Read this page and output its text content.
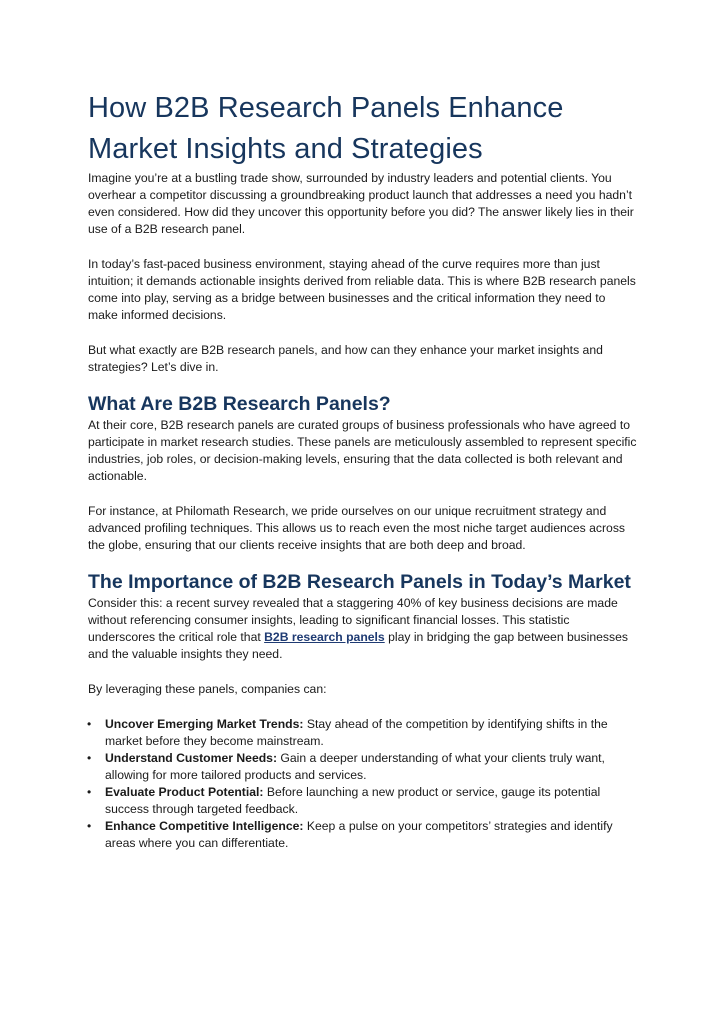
How B2B Research Panels Enhance Market Insights and Strategies

Imagine you’re at a bustling trade show, surrounded by industry leaders and potential clients. You overhear a competitor discussing a groundbreaking product launch that addresses a need you hadn’t even considered. How did they uncover this opportunity before you did? The answer likely lies in their use of a B2B research panel.

In today’s fast-paced business environment, staying ahead of the curve requires more than just intuition; it demands actionable insights derived from reliable data. This is where B2B research panels come into play, serving as a bridge between businesses and the critical information they need to make informed decisions.

But what exactly are B2B research panels, and how can they enhance your market insights and strategies? Let’s dive in.

What Are B2B Research Panels?

At their core, B2B research panels are curated groups of business professionals who have agreed to participate in market research studies. These panels are meticulously assembled to represent specific industries, job roles, or decision-making levels, ensuring that the data collected is both relevant and actionable.

For instance, at Philomath Research, we pride ourselves on our unique recruitment strategy and advanced profiling techniques. This allows us to reach even the most niche target audiences across the globe, ensuring that our clients receive insights that are both deep and broad.

The Importance of B2B Research Panels in Today’s Market

Consider this: a recent survey revealed that a staggering 40% of key business decisions are made without referencing consumer insights, leading to significant financial losses. This statistic underscores the critical role that B2B research panels play in bridging the gap between businesses and the valuable insights they need.

By leveraging these panels, companies can:

• Uncover Emerging Market Trends: Stay ahead of the competition by identifying shifts in the market before they become mainstream.
• Understand Customer Needs: Gain a deeper understanding of what your clients truly want, allowing for more tailored products and services.
• Evaluate Product Potential: Before launching a new product or service, gauge its potential success through targeted feedback.
• Enhance Competitive Intelligence: Keep a pulse on your competitors’ strategies and identify areas where you can differentiate.
